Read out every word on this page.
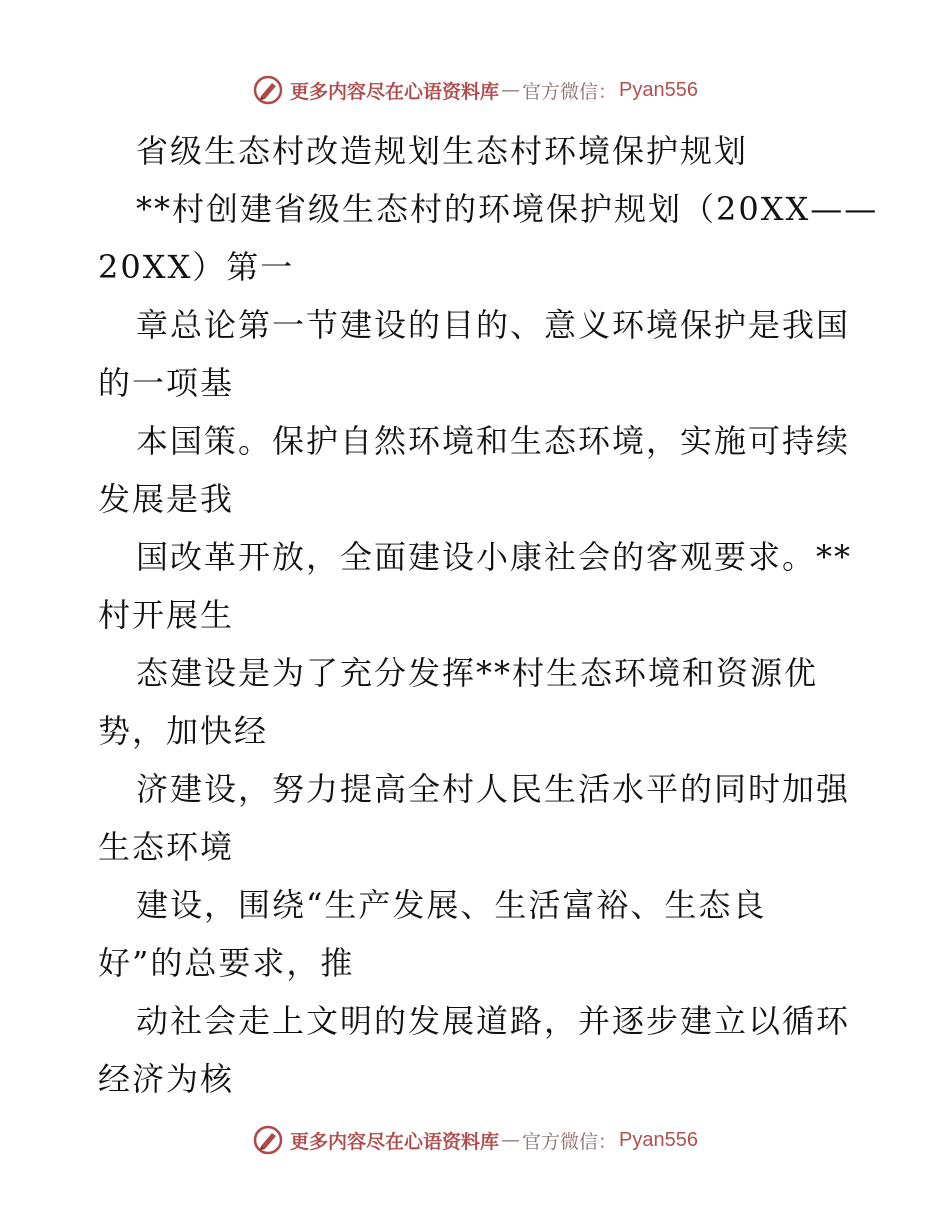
更多内容尽在心语资料库 — 官方微信： Pyan556
省级生态村改造规划生态村环境保护规划
**村创建省级生态村的环境保护规划（20XX——
20XX）第一
章总论第一节建设的目的、意义环境保护是我国
的一项基
本国策。保护自然环境和生态环境，实施可持续
发展是我
国改革开放，全面建设小康社会的客观要求。**
村开展生
态建设是为了充分发挥**村生态环境和资源优
势，加快经
济建设，努力提高全村人民生活水平的同时加强
生态环境
建设，围绕“生产发展、生活富裕、生态良
好”的总要求，推
动社会走上文明的发展道路，并逐步建立以循环
经济为核
更多内容尽在心语资料库 — 官方微信： Pyan556
